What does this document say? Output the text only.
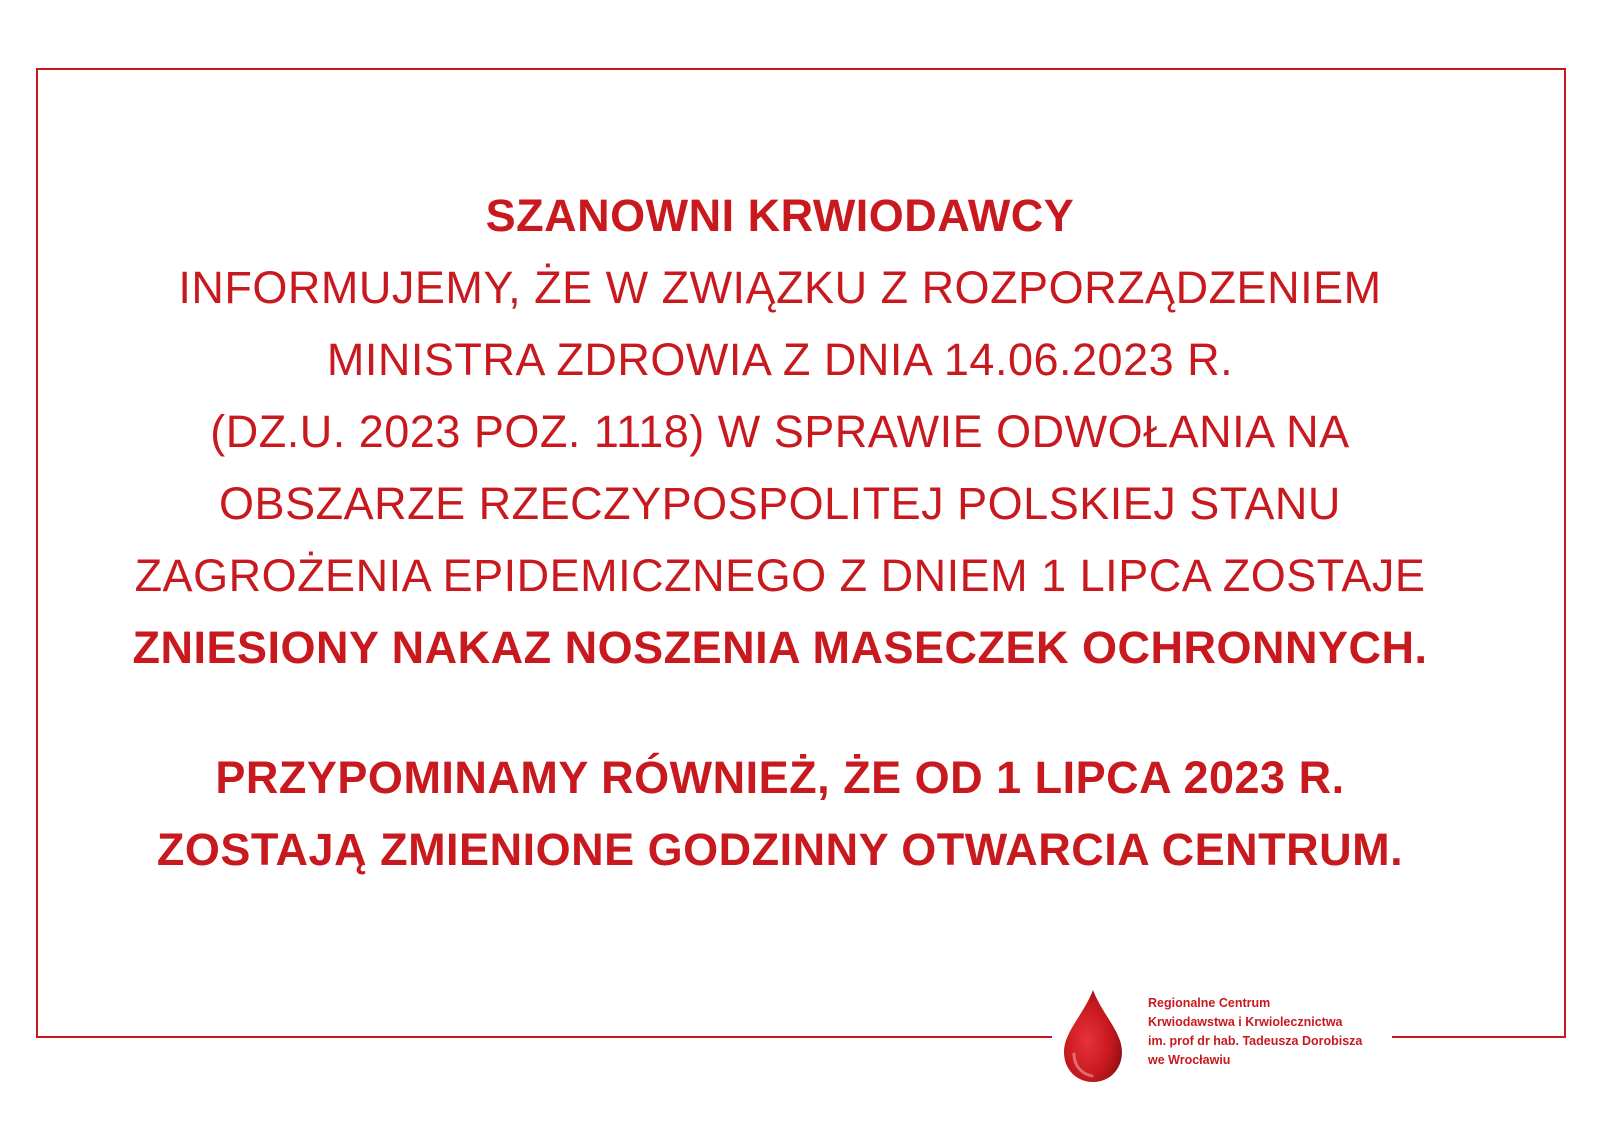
SZANOWNI KRWIODAWCY
INFORMUJEMY, ŻE W ZWIĄZKU Z ROZPORZĄDZENIEM
MINISTRA ZDROWIA Z DNIA 14.06.2023 R.
(DZ.U. 2023 POZ. 1118) W SPRAWIE ODWOŁANIA NA
OBSZARZE RZECZYPOSPOLITEJ POLSKIEJ STANU
ZAGROŻENIA EPIDEMICZNEGO Z DNIEM 1 LIPCA ZOSTAJE
ZNIESIONY NAKAZ NOSZENIA MASECZEK OCHRONNYCH.
PRZYPOMINAMY RÓWNIEŻ, ŻE OD 1 LIPCA 2023 R.
ZOSTAJĄ ZMIENIONE GODZINNY OTWARCIA CENTRUM.
Regionalne Centrum
Krwiodawstwa i Krwiolecznictwa
im. prof dr hab. Tadeusza Dorobisza
we Wrocławiu
